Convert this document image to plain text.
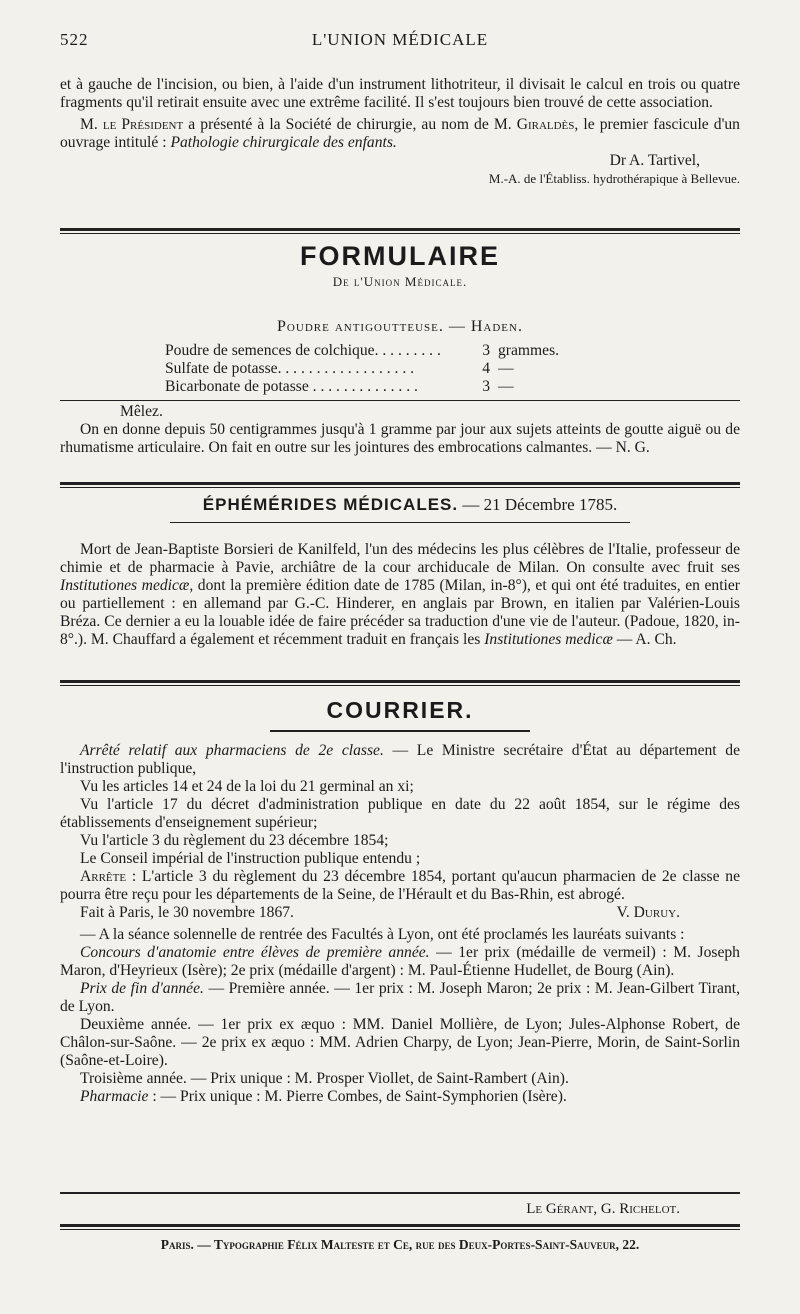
522	L'UNION MÉDICALE

et à gauche de l'incision, ou bien, à l'aide d'un instrument lithotriteur, il divisait le calcul en trois ou quatre fragments qu'il retirait ensuite avec une extrême facilité. Il s'est toujours bien trouvé de cette association.

M. le Président a présenté à la Société de chirurgie, au nom de M. Giraldès, le premier fascicule d'un ouvrage intitulé : Pathologie chirurgicale des enfants.

Dr A. Tartivel,

M.-A. de l'Établiss. hydrothérapique à Bellevue.

FORMULAIRE
De l'Union Médicale.
Poudre antigoutteuse. — Haden.
Poudre de semences de colchique. . . . . . . . .	3 grammes.
Sulfate de potasse. . . . . . . . . . . . . . . . . .	4 —
Bicarbonate de potasse . . . . . . . . . . . . . .	3 —

Mêlez.

On en donne depuis 50 centigrammes jusqu'à 1 gramme par jour aux sujets atteints de goutte aiguë ou de rhumatisme articulaire. On fait en outre sur les jointures des embrocations calmantes. — N. G.

ÉPHÉMÉRIDES MÉDICALES. — 21 Décembre 1785.

Mort de Jean-Baptiste Borsieri de Kanilfeld, l'un des médecins les plus célèbres de l'Italie, professeur de chimie et de pharmacie à Pavie, archiâtre de la cour archiducale de Milan. On consulte avec fruit ses Institutiones medicæ, dont la première édition date de 1785 (Milan, in-8°), et qui ont été traduites, en entier ou partiellement : en allemand par G.-C. Hinderer, en anglais par Brown, en italien par Valérien-Louis Bréza. Ce dernier a eu la louable idée de faire précéder sa traduction d'une vie de l'auteur. (Padoue, 1820, in-8°.). M. Chauffard a également et récemment traduit en français les Institutiones medicæ — A. Ch.

COURRIER.

Arrêté relatif aux pharmaciens de 2e classe. — Le Ministre secrétaire d'État au département de l'instruction publique,

Vu les articles 14 et 24 de la loi du 21 germinal an xi;

Vu l'article 17 du décret d'administration publique en date du 22 août 1854, sur le régime des établissements d'enseignement supérieur;

Vu l'article 3 du règlement du 23 décembre 1854;

Le Conseil impérial de l'instruction publique entendu ;

Arrête : L'article 3 du règlement du 23 décembre 1854, portant qu'aucun pharmacien de 2e classe ne pourra être reçu pour les départements de la Seine, de l'Hérault et du Bas-Rhin, est abrogé.

Fait à Paris, le 30 novembre 1867.	V. Duruy.

— A la séance solennelle de rentrée des Facultés à Lyon, ont été proclamés les lauréats suivants :

Concours d'anatomie entre élèves de première année. — 1er prix (médaille de vermeil) : M. Joseph Maron, d'Heyrieux (Isère); 2e prix (médaille d'argent) : M. Paul-Étienne Hudellet, de Bourg (Ain).

Prix de fin d'année. — Première année. — 1er prix : M. Joseph Maron; 2e prix : M. Jean-Gilbert Tirant, de Lyon.

Deuxième année. — 1er prix ex æquo : MM. Daniel Mollière, de Lyon; Jules-Alphonse Robert, de Châlon-sur-Saône. — 2e prix ex æquo : MM. Adrien Charpy, de Lyon; Jean-Pierre, Morin, de Saint-Sorlin (Saône-et-Loire).

Troisième année. — Prix unique : M. Prosper Viollet, de Saint-Rambert (Ain).

Pharmacie : — Prix unique : M. Pierre Combes, de Saint-Symphorien (Isère).

Le Gérant, G. Richelot.

Paris. — Typographie Félix Malteste et Ce, rue des Deux-Portes-Saint-Sauveur, 22.
